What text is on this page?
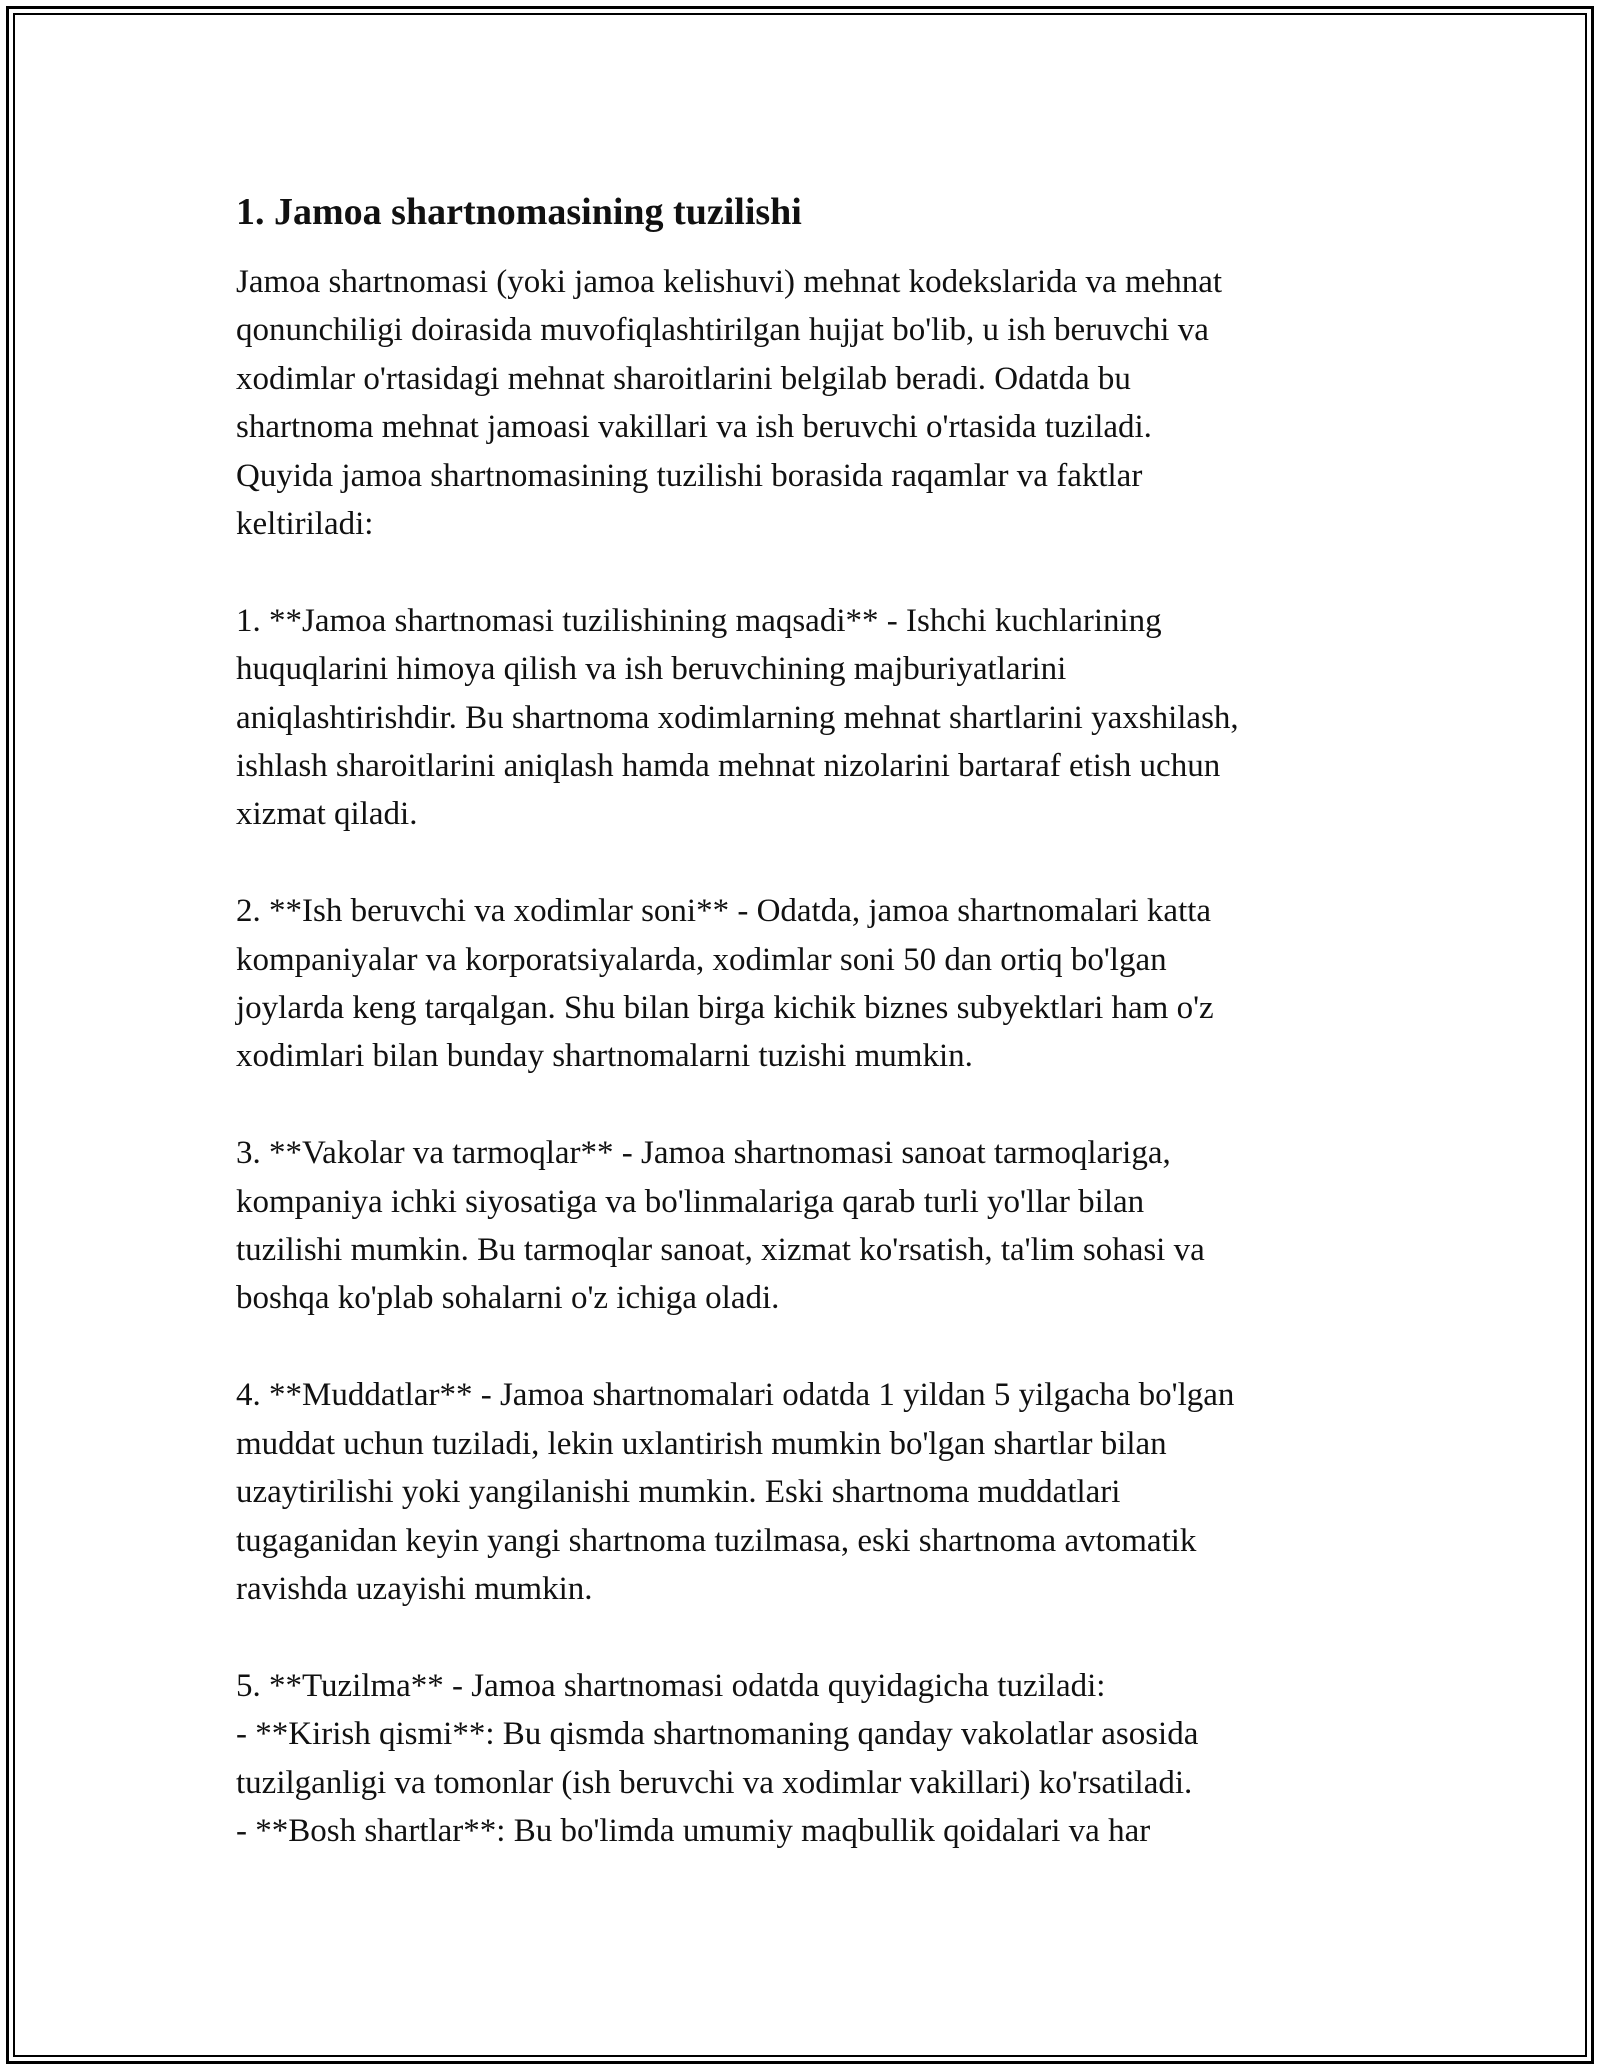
1. Jamoa shartnomasining tuzilishi

Jamoa shartnomasi (yoki jamoa kelishuvi) mehnat kodekslarida va mehnat
qonunchiligi doirasida muvofiqlashtirilgan hujjat bo'lib, u ish beruvchi va
xodimlar o'rtasidagi mehnat sharoitlarini belgilab beradi. Odatda bu
shartnoma mehnat jamoasi vakillari va ish beruvchi o'rtasida tuziladi.
Quyida jamoa shartnomasining tuzilishi borasida raqamlar va faktlar
keltiriladi:

1. **Jamoa shartnomasi tuzilishining maqsadi** - Ishchi kuchlarining
huquqlarini himoya qilish va ish beruvchining majburiyatlarini
aniqlashtirishdir. Bu shartnoma xodimlarning mehnat shartlarini yaxshilash,
ishlash sharoitlarini aniqlash hamda mehnat nizolarini bartaraf etish uchun
xizmat qiladi.

2. **Ish beruvchi va xodimlar soni** - Odatda, jamoa shartnomalari katta
kompaniyalar va korporatsiyalarda, xodimlar soni 50 dan ortiq bo'lgan
joylarda keng tarqalgan. Shu bilan birga kichik biznes subyektlari ham o'z
xodimlari bilan bunday shartnomalarni tuzishi mumkin.

3. **Vakolar va tarmoqlar** - Jamoa shartnomasi sanoat tarmoqlariga,
kompaniya ichki siyosatiga va bo'linmalariga qarab turli yo'llar bilan
tuzilishi mumkin. Bu tarmoqlar sanoat, xizmat ko'rsatish, ta'lim sohasi va
boshqa ko'plab sohalarni o'z ichiga oladi.

4. **Muddatlar** - Jamoa shartnomalari odatda 1 yildan 5 yilgacha bo'lgan
muddat uchun tuziladi, lekin uxlantirish mumkin bo'lgan shartlar bilan
uzaytirilishi yoki yangilanishi mumkin. Eski shartnoma muddatlari
tugaganidan keyin yangi shartnoma tuzilmasa, eski shartnoma avtomatik
ravishda uzayishi mumkin.

5. **Tuzilma** - Jamoa shartnomasi odatda quyidagicha tuziladi:
- **Kirish qismi**: Bu qismda shartnomaning qanday vakolatlar asosida
tuzilganligi va tomonlar (ish beruvchi va xodimlar vakillari) ko'rsatiladi.
- **Bosh shartlar**: Bu bo'limda umumiy maqbullik qoidalari va har
